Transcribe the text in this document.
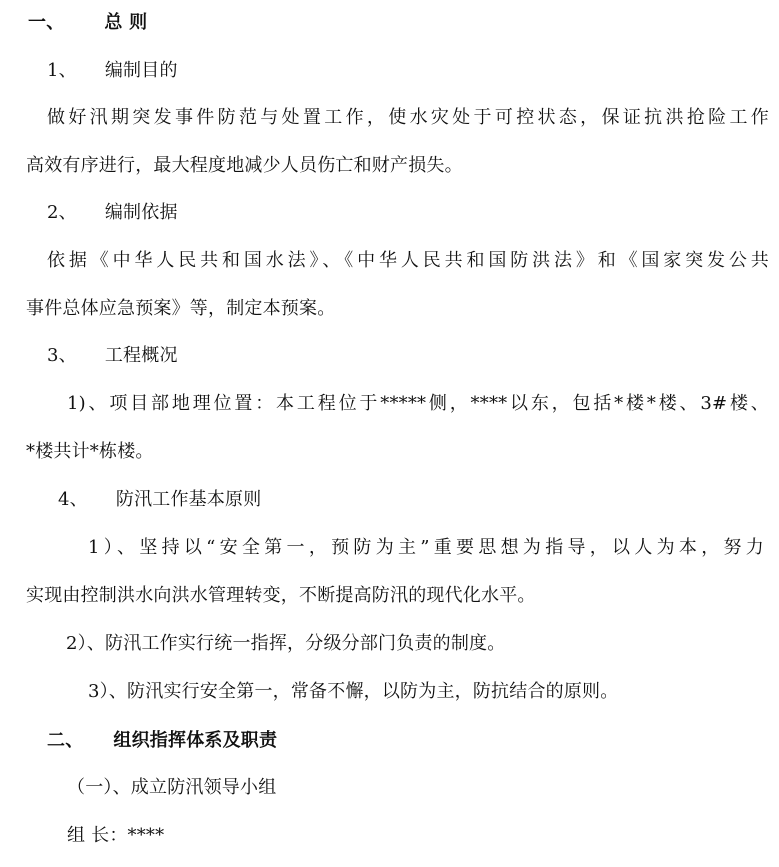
一、 总 则
1、 编制目的
做好汛期突发事件防范与处置工作，使水灾处于可控状态，保证抗洪抢险工作
高效有序进行，最大程度地减少人员伤亡和财产损失。
2、 编制依据
依据《中华人民共和国水法》、《中华人民共和国防洪法》和《国家突发公共
事件总体应急预案》等，制定本预案。
3、 工程概况
1)、项目部地理位置：本工程位于*****侧，****以东，包括*楼*楼、3#楼、
*楼共计*栋楼。
4、 防汛工作基本原则
1）、坚持以“安全第一，预防为主”重要思想为指导，以人为本，努力
实现由控制洪水向洪水管理转变，不断提高防汛的现代化水平。
2）、防汛工作实行统一指挥，分级分部门负责的制度。
3）、防汛实行安全第一，常备不懈，以防为主，防抗结合的原则。
二、 组织指挥体系及职责
（一）、成立防汛领导小组
组 长：****
